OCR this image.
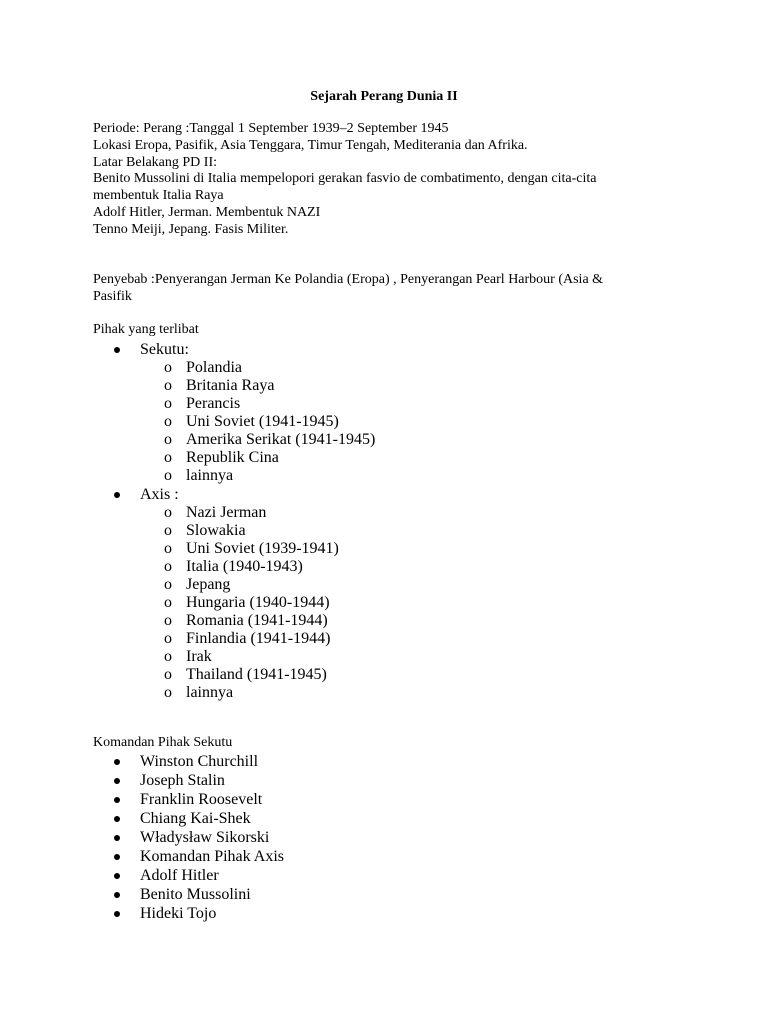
Sejarah Perang Dunia II

Periode: Perang :Tanggal 1 September 1939–2 September 1945

Lokasi Eropa, Pasifik, Asia Tenggara, Timur Tengah, Mediterania dan Afrika.

Latar Belakang PD II:

Benito Mussolini di Italia mempelopori gerakan fasvio de combatimento, dengan cita-cita

membentuk Italia Raya

Adolf Hitler, Jerman. Membentuk NAZI

Tenno Meiji, Jepang. Fasis Militer.

Penyebab :Penyerangan Jerman Ke Polandia (Eropa) , Penyerangan Pearl Harbour (Asia &

Pasifik

Pihak yang terlibat
Sekutu:
o Polandia
o Britania Raya
o Perancis
o Uni Soviet (1941-1945)
o Amerika Serikat (1941-1945)
o Republik Cina
o lainnya
Axis :
o Nazi Jerman
o Slowakia
o Uni Soviet (1939-1941)
o Italia (1940-1943)
o Jepang
o Hungaria (1940-1944)
o Romania (1941-1944)
o Finlandia (1941-1944)
o Irak
o Thailand (1941-1945)
o lainnya
Komandan Pihak Sekutu
Winston Churchill
Joseph Stalin
Franklin Roosevelt
Chiang Kai-Shek
Władysław Sikorski
Komandan Pihak Axis
Adolf Hitler
Benito Mussolini
Hideki Tojo
